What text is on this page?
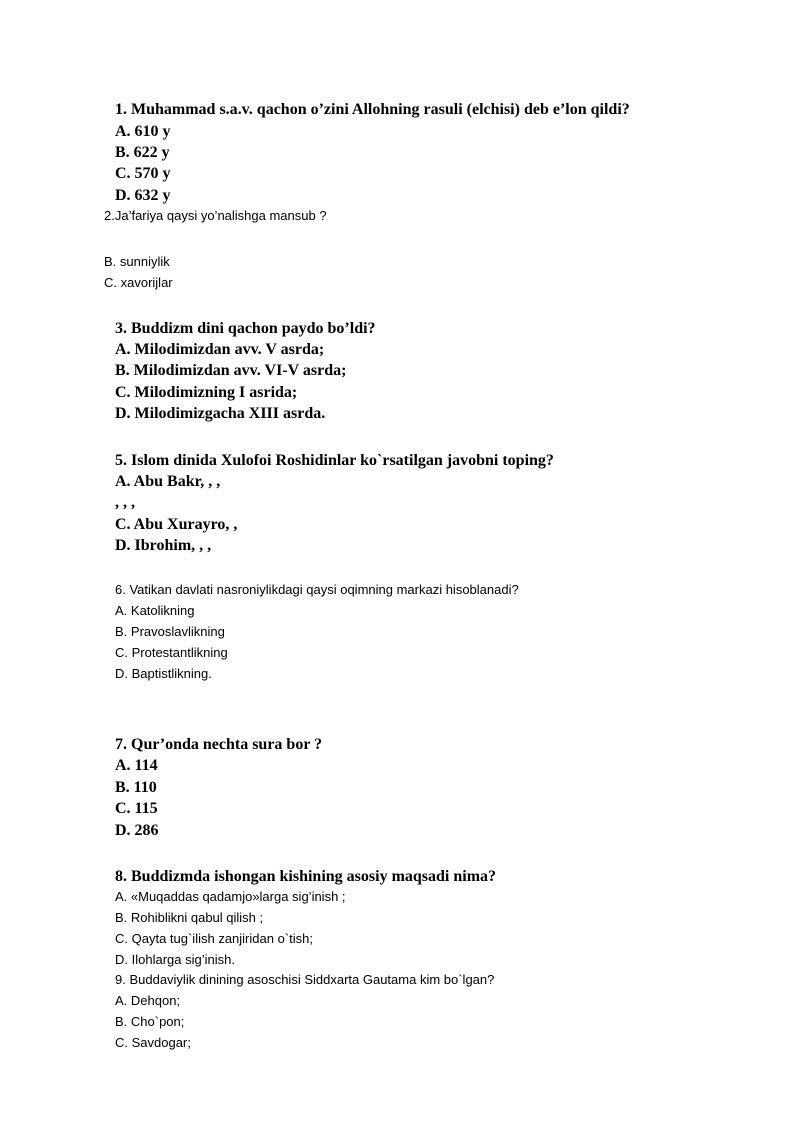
1. Muhammad s.a.v. qachon o’zini Allohning rasuli (elchisi) deb e’lon qildi?
A. 610 y
B. 622 y
C. 570 y
D. 632 y
2.Ja’fariya qaysi yo’nalishga mansub ?
B. sunniylik
C. xavorijlar
3. Buddizm dini qachon paydo bo’ldi?
A. Milodimizdan avv. V asrda;
B. Milodimizdan avv. VI-V asrda;
C. Milodimizning I asrida;
D. Milodimizgacha XIII asrda.
5. Islom dinida Xulofoi Roshidinlar ko`rsatilgan javobni toping?
A. Abu Bakr, , ,
, , ,
C. Abu Xurayro, ,
D. Ibrohim, , ,
6. Vatikan davlati nasroniylikdagi qaysi oqimning markazi hisoblanadi?
A. Katolikning
B. Pravoslavlikning
C. Protestantlikning
D. Baptistlikning.
7. Qur’onda nechta sura bor ?
A. 114
B. 110
C. 115
D. 286
8. Buddizmda ishongan kishining asosiy maqsadi nima?
A. «Muqaddas qadamjo»larga sig’inish ;
B. Rohiblikni qabul qilish ;
C. Qayta tug`ilish zanjiridan o`tish;
D. Ilohlarga sig’inish.
9. Buddaviylik dinining asoschisi Siddxarta Gautama kim bo`lgan?
A. Dehqon;
B. Cho`pon;
C. Savdogar;
